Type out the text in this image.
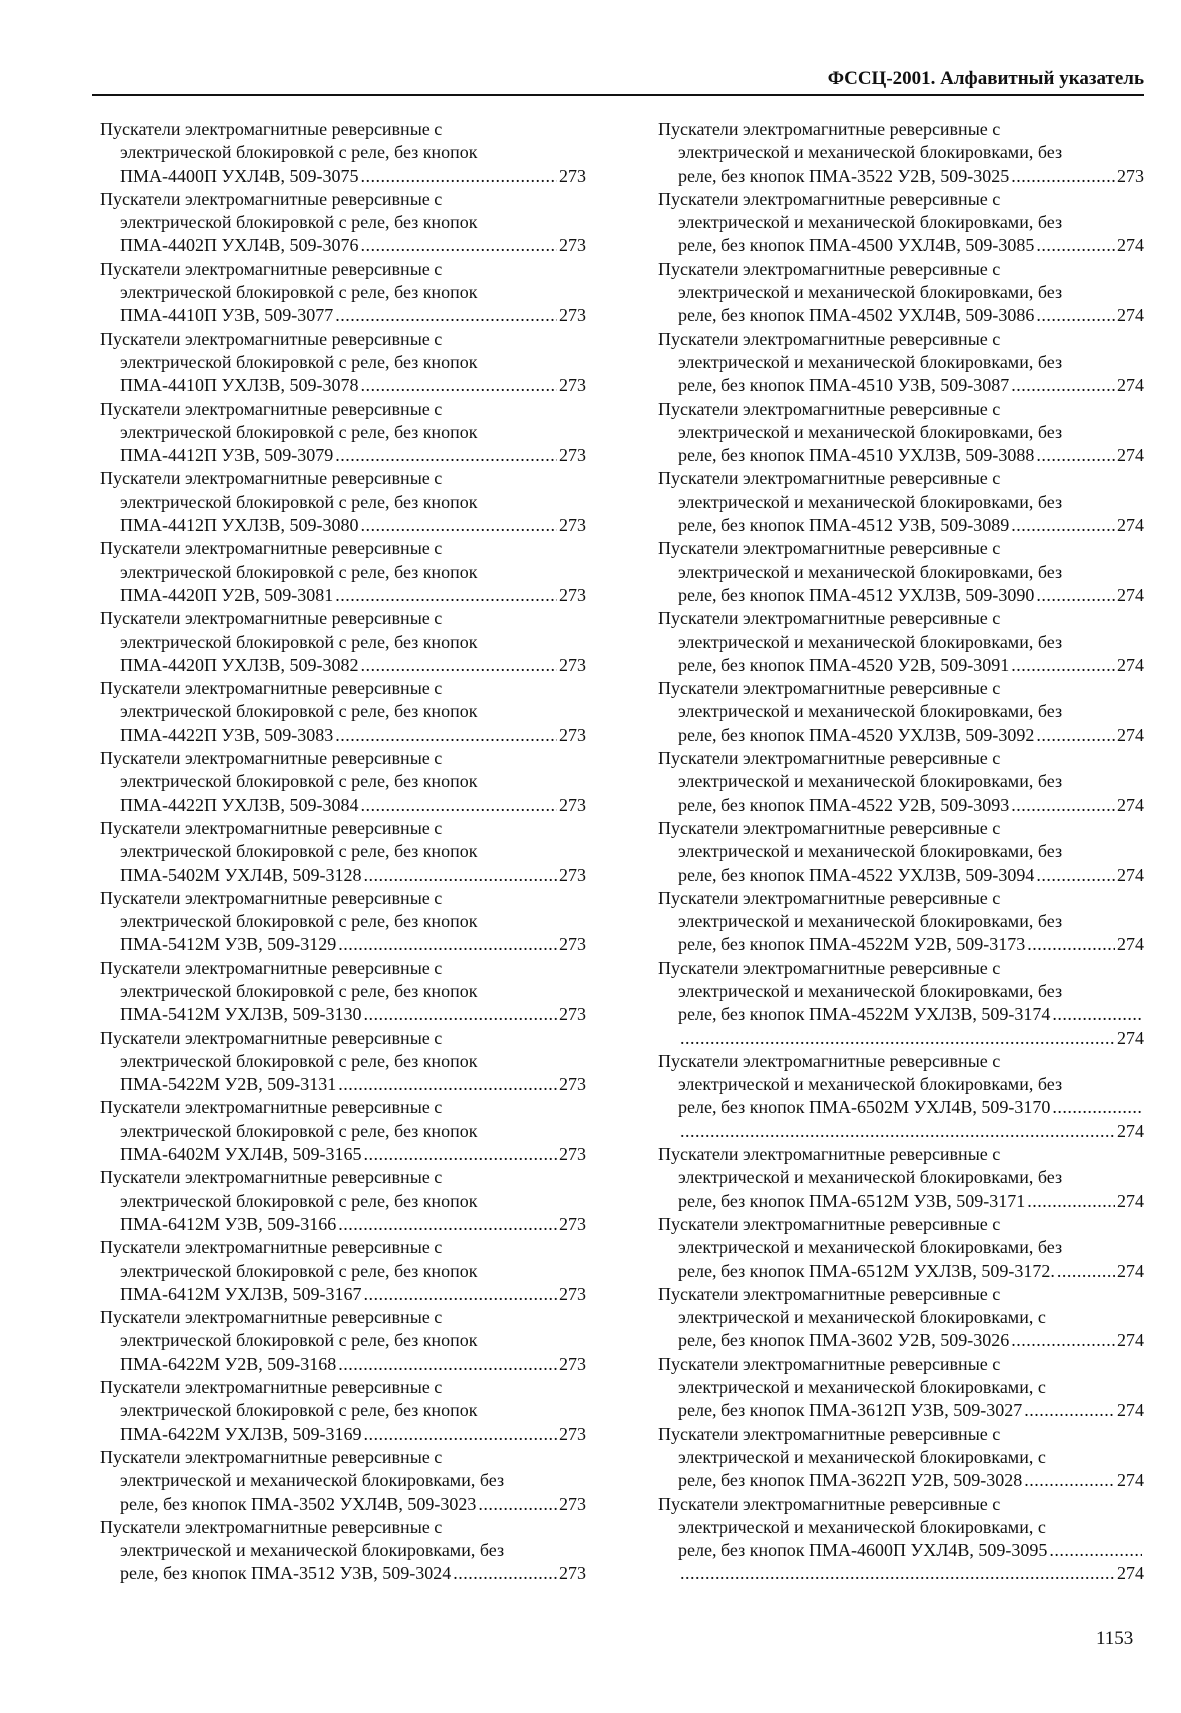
ФССЦ-2001. Алфавитный указатель
Пускатели электромагнитные реверсивные с
электрической блокировкой с реле, без кнопок
ПМА-4400П УХЛ4В, 509-3075 .....	273
Пускатели электромагнитные реверсивные с
электрической блокировкой с реле, без кнопок
ПМА-4402П УХЛ4В, 509-3076 .....	273
Пускатели электромагнитные реверсивные с
электрической блокировкой с реле, без кнопок
ПМА-4410П У3В, 509-3077 .....	273
Пускатели электромагнитные реверсивные с
электрической блокировкой с реле, без кнопок
ПМА-4410П УХЛ3В, 509-3078 .....	273
Пускатели электромагнитные реверсивные с
электрической блокировкой с реле, без кнопок
ПМА-4412П У3В, 509-3079 .....	273
Пускатели электромагнитные реверсивные с
электрической блокировкой с реле, без кнопок
ПМА-4412П УХЛ3В, 509-3080 .....	273
Пускатели электромагнитные реверсивные с
электрической блокировкой с реле, без кнопок
ПМА-4420П У2В, 509-3081 .....	273
Пускатели электромагнитные реверсивные с
электрической блокировкой с реле, без кнопок
ПМА-4420П УХЛ3В, 509-3082 .....	273
Пускатели электромагнитные реверсивные с
электрической блокировкой с реле, без кнопок
ПМА-4422П У3В, 509-3083 .....	273
Пускатели электромагнитные реверсивные с
электрической блокировкой с реле, без кнопок
ПМА-4422П УХЛ3В, 509-3084 .....	273
Пускатели электромагнитные реверсивные с
электрической блокировкой с реле, без кнопок
ПМА-5402М УХЛ4В, 509-3128 .....	273
Пускатели электромагнитные реверсивные с
электрической блокировкой с реле, без кнопок
ПМА-5412М У3В, 509-3129 .....	273
Пускатели электромагнитные реверсивные с
электрической блокировкой с реле, без кнопок
ПМА-5412М УХЛ3В, 509-3130 .....	273
Пускатели электромагнитные реверсивные с
электрической блокировкой с реле, без кнопок
ПМА-5422М У2В, 509-3131 .....	273
Пускатели электромагнитные реверсивные с
электрической блокировкой с реле, без кнопок
ПМА-6402М УХЛ4В, 509-3165 .....	273
Пускатели электромагнитные реверсивные с
электрической блокировкой с реле, без кнопок
ПМА-6412М У3В, 509-3166 .....	273
Пускатели электромагнитные реверсивные с
электрической блокировкой с реле, без кнопок
ПМА-6412М УХЛ3В, 509-3167 .....	273
Пускатели электромагнитные реверсивные с
электрической блокировкой с реле, без кнопок
ПМА-6422М У2В, 509-3168 .....	273
Пускатели электромагнитные реверсивные с
электрической блокировкой с реле, без кнопок
ПМА-6422М УХЛ3В, 509-3169 .....	273
Пускатели электромагнитные реверсивные с
электрической и механической блокировками, без
реле, без кнопок ПМА-3502 УХЛ4В, 509-3023 .....	273
Пускатели электромагнитные реверсивные с
электрической и механической блокировками, без
реле, без кнопок ПМА-3512 У3В, 509-3024 .....	273
Пускатели электромагнитные реверсивные с
электрической и механической блокировками, без
реле, без кнопок ПМА-3522 У2В, 509-3025 .....	273
Пускатели электромагнитные реверсивные с
электрической и механической блокировками, без
реле, без кнопок ПМА-4500 УХЛ4В, 509-3085 .....	274
Пускатели электромагнитные реверсивные с
электрической и механической блокировками, без
реле, без кнопок ПМА-4502 УХЛ4В, 509-3086 .....	274
Пускатели электромагнитные реверсивные с
электрической и механической блокировками, без
реле, без кнопок ПМА-4510 У3В, 509-3087 .....	274
Пускатели электромагнитные реверсивные с
электрической и механической блокировками, без
реле, без кнопок ПМА-4510 УХЛ3В, 509-3088 .....	274
Пускатели электромагнитные реверсивные с
электрической и механической блокировками, без
реле, без кнопок ПМА-4512 У3В, 509-3089 .....	274
Пускатели электромагнитные реверсивные с
электрической и механической блокировками, без
реле, без кнопок ПМА-4512 УХЛ3В, 509-3090 .....	274
Пускатели электромагнитные реверсивные с
электрической и механической блокировками, без
реле, без кнопок ПМА-4520 У2В, 509-3091 .....	274
Пускатели электромагнитные реверсивные с
электрической и механической блокировками, без
реле, без кнопок ПМА-4520 УХЛ3В, 509-3092 .....	274
Пускатели электромагнитные реверсивные с
электрической и механической блокировками, без
реле, без кнопок ПМА-4522 У2В, 509-3093 .....	274
Пускатели электромагнитные реверсивные с
электрической и механической блокировками, без
реле, без кнопок ПМА-4522 УХЛ3В, 509-3094 .....	274
Пускатели электромагнитные реверсивные с
электрической и механической блокировками, без
реле, без кнопок ПМА-4522М У2В, 509-3173 .....	274
Пускатели электромагнитные реверсивные с
электрической и механической блокировками, без
реле, без кнопок ПМА-4522М УХЛ3В, 509-3174
.....
.....
274
Пускатели электромагнитные реверсивные с
электрической и механической блокировками, без
реле, без кнопок ПМА-6502М УХЛ4В, 509-3170
.....
.....
274
Пускатели электромагнитные реверсивные с
электрической и механической блокировками, без
реле, без кнопок ПМА-6512М У3В, 509-3171 .....	274
Пускатели электромагнитные реверсивные с
электрической и механической блокировками, без
реле, без кнопок ПМА-6512М УХЛ3В, 509-3172. .....	274
Пускатели электромагнитные реверсивные с
электрической и механической блокировками, с
реле, без кнопок ПМА-3602 У2В, 509-3026 .....	274
Пускатели электромагнитные реверсивные с
электрической и механической блокировками, с
реле, без кнопок ПМА-3612П У3В, 509-3027 .....	274
Пускатели электромагнитные реверсивные с
электрической и механической блокировками, с
реле, без кнопок ПМА-3622П У2В, 509-3028 .....	274
Пускатели электромагнитные реверсивные с
электрической и механической блокировками, с
реле, без кнопок ПМА-4600П УХЛ4В, 509-3095
.....
.....
274
1153
